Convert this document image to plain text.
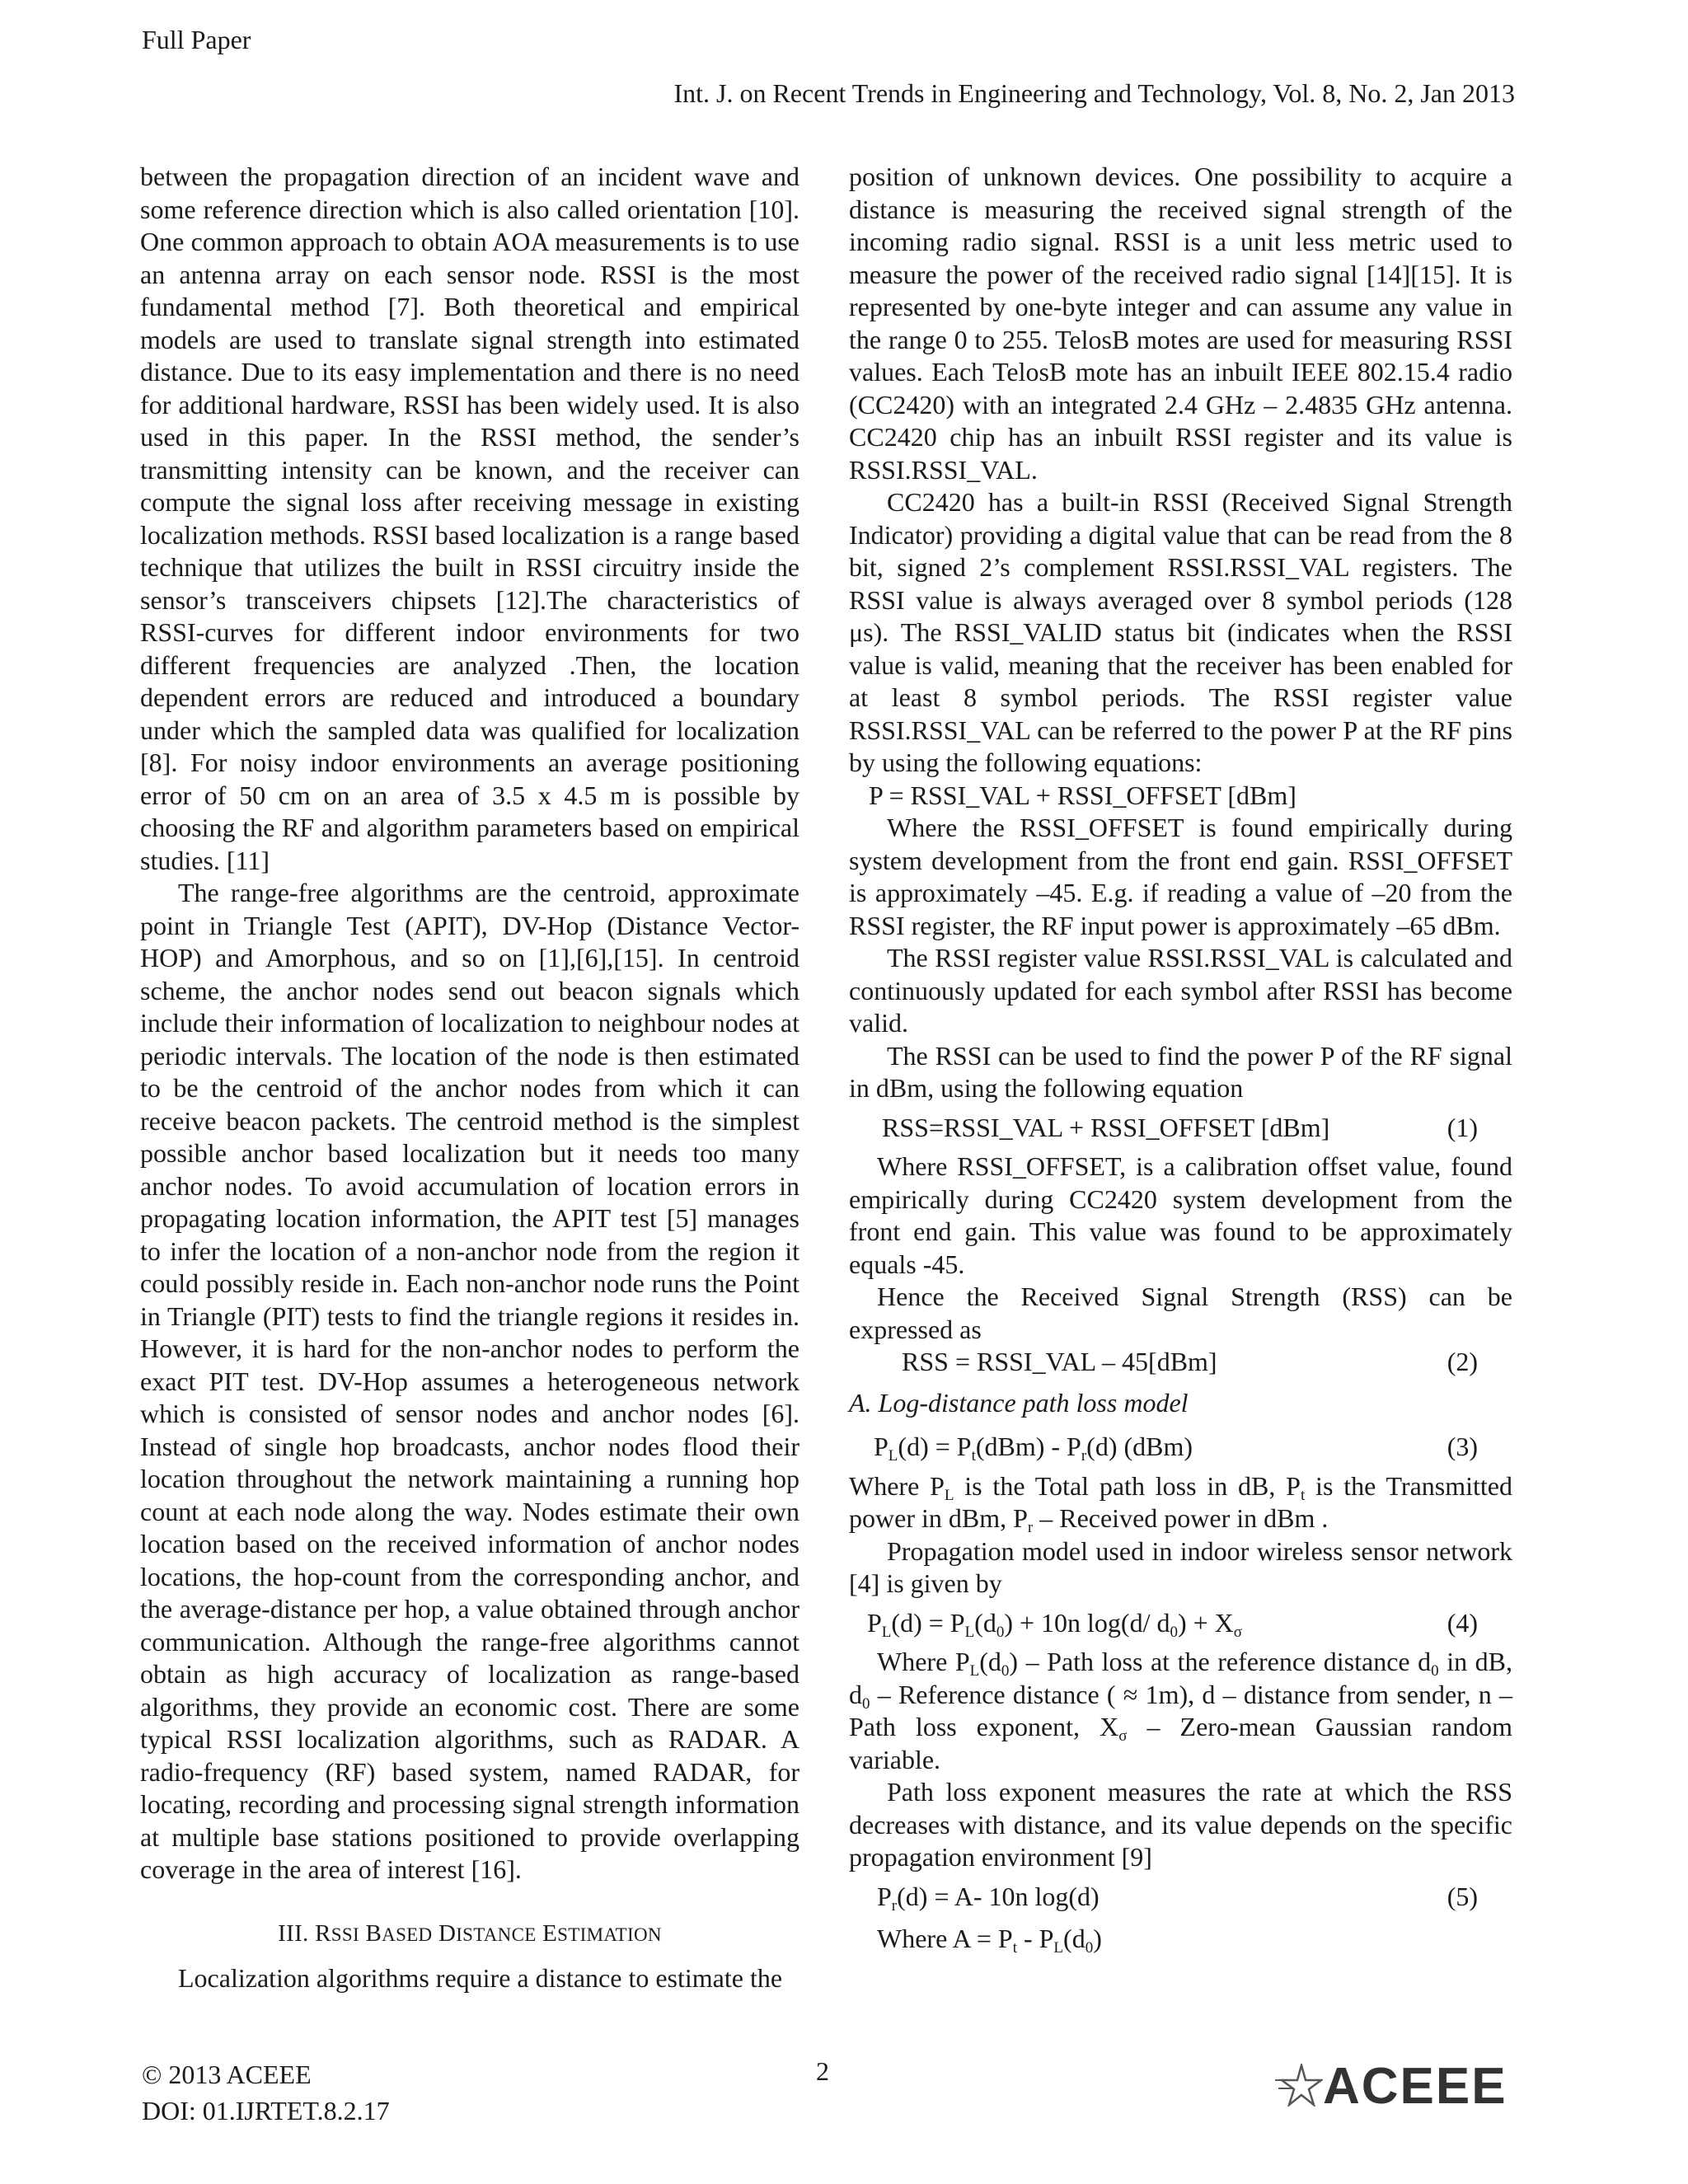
Full Paper
Int. J. on Recent Trends in Engineering and Technology, Vol. 8, No. 2, Jan 2013

between the propagation direction of an incident wave and some reference direction which is also called orientation [10]. One common approach to obtain AOA measurements is to use an antenna array on each sensor node. RSSI is the most fundamental method [7]. Both theoretical and empirical models are used to translate signal strength into estimated distance. Due to its easy implementation and there is no need for additional hardware, RSSI has been widely used. It is also used in this paper. In the RSSI method, the sender’s transmitting intensity can be known, and the receiver can compute the signal loss after receiving message in existing localization methods. RSSI based localization is a range based technique that utilizes the built in RSSI circuitry inside the sensor’s transceivers chipsets [12].The characteristics of RSSI-curves for different indoor environments for two different frequencies are analyzed .Then, the location dependent errors are reduced and introduced a boundary under which the sampled data was qualified for localization [8]. For noisy indoor environments an average positioning error of 50 cm on an area of 3.5 x 4.5 m is possible by choosing the RF and algorithm parameters based on empirical studies. [11]

The range-free algorithms are the centroid, approximate point in Triangle Test (APIT), DV-Hop (Distance Vector- HOP) and Amorphous, and so on [1],[6],[15]. In centroid scheme, the anchor nodes send out beacon signals which include their information of localization to neighbour nodes at periodic intervals. The location of the node is then estimated to be the centroid of the anchor nodes from which it can receive beacon packets. The centroid method is the simplest possible anchor based localization but it needs too many anchor nodes. To avoid accumulation of location errors in propagating location information, the APIT test [5] manages to infer the location of a non-anchor node from the region it could possibly reside in. Each non-anchor node runs the Point in Triangle (PIT) tests to find the triangle regions it resides in. However, it is hard for the non-anchor nodes to perform the exact PIT test. DV-Hop assumes a heterogeneous network which is consisted of sensor nodes and anchor nodes [6]. Instead of single hop broadcasts, anchor nodes flood their location throughout the network maintaining a running hop count at each node along the way. Nodes estimate their own location based on the received information of anchor nodes locations, the hop-count from the corresponding anchor, and the average-distance per hop, a value obtained through anchor communication. Although the range-free algorithms cannot obtain as high accuracy of localization as range-based algorithms, they provide an economic cost. There are some typical RSSI localization algorithms, such as RADAR. A radio-frequency (RF) based system, named RADAR, for locating, recording and processing signal strength information at multiple base stations positioned to provide overlapping coverage in the area of interest [16].

III. RSSI BASED DISTANCE ESTIMATION

Localization algorithms require a distance to estimate the

position of unknown devices. One possibility to acquire a distance is measuring the received signal strength of the incoming radio signal. RSSI is a unit less metric used to measure the power of the received radio signal [14][15]. It is represented by one-byte integer and can assume any value in the range 0 to 255. TelosB motes are used for measuring RSSI values. Each TelosB mote has an inbuilt IEEE 802.15.4 radio (CC2420) with an integrated 2.4 GHz – 2.4835 GHz antenna. CC2420 chip has an inbuilt RSSI register and its value is RSSI.RSSI_VAL.

CC2420 has a built-in RSSI (Received Signal Strength Indicator) providing a digital value that can be read from the 8 bit, signed 2’s complement RSSI.RSSI_VAL registers. The RSSI value is always averaged over 8 symbol periods (128 μs). The RSSI_VALID status bit (indicates when the RSSI value is valid, meaning that the receiver has been enabled for at least 8 symbol periods. The RSSI register value RSSI.RSSI_VAL can be referred to the power P at the RF pins by using the following equations:

P = RSSI_VAL + RSSI_OFFSET [dBm]

Where the RSSI_OFFSET is found empirically during system development from the front end gain. RSSI_OFFSET is approximately –45. E.g. if reading a value of –20 from the RSSI register, the RF input power is approximately –65 dBm.

The RSSI register value RSSI.RSSI_VAL is calculated and continuously updated for each symbol after RSSI has become valid.

The RSSI can be used to find the power P of the RF signal in dBm, using the following equation

RSS=RSSI_VAL + RSSI_OFFSET [dBm]	(1)

Where RSSI_OFFSET, is a calibration offset value, found empirically during CC2420 system development from the front end gain. This value was found to be approximately equals -45.

Hence the Received Signal Strength (RSS) can be expressed as

RSS = RSSI_VAL – 45[dBm]	(2)
A. Log-distance path loss model
$P_L(d) = P_t(dBm) - P_r(d)$ (dBm)	(3)

Where $P_L$ is the Total path loss in dB, $P_t$ is the Transmitted power in dBm, $P_r$ – Received power in dBm .

Propagation model used in indoor wireless sensor network [4] is given by

$P_L(d) = P_L(d_0) + 10n$ log(d/ $d_0) + X_\sigma$	(4)

Where $P_L(d_0)$ – Path loss at the reference distance $d_0$ in dB, $d_0$ – Reference distance ( ≈ 1m), d – distance from sender, n – Path loss exponent, $X_\sigma$ – Zero-mean Gaussian random variable.

Path loss exponent measures the rate at which the RSS decreases with distance, and its value depends on the specific propagation environment [9]

$P_r(d) = A-$ 10n log(d)	(5)
Where $A = P_t - P_L(d_0)$
© 2013 ACEEE
DOI: 01.IJRTET.8.2.17
2	ACEEE
